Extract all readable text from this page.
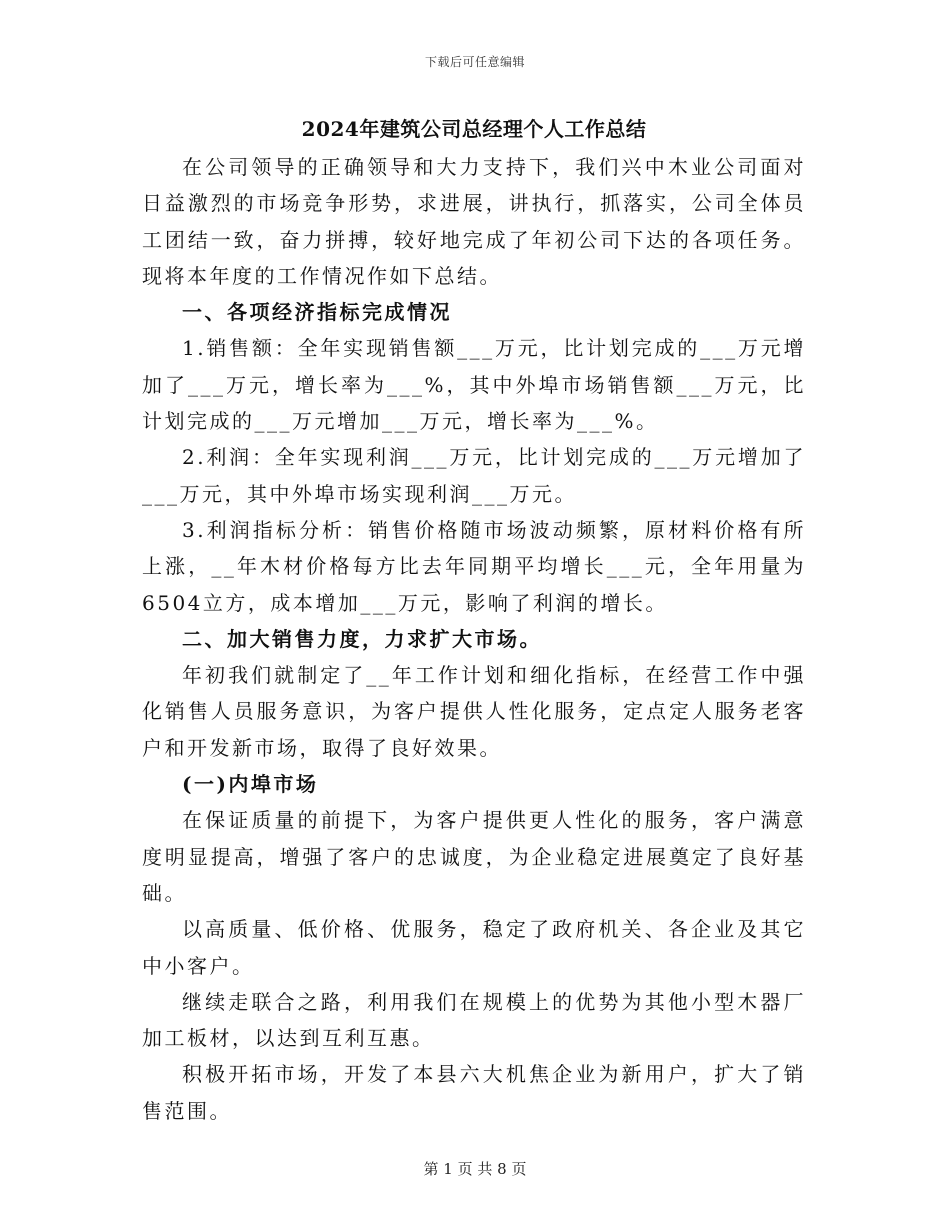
下载后可任意编辑
2024年建筑公司总经理个人工作总结

在公司领导的正确领导和大力支持下，我们兴中木业公司面对日益激烈的市场竞争形势，求进展，讲执行，抓落实，公司全体员工团结一致，奋力拼搏，较好地完成了年初公司下达的各项任务。现将本年度的工作情况作如下总结。

一、各项经济指标完成情况

1.销售额：全年实现销售额___万元，比计划完成的___万元增加了___万元，增长率为___%，其中外埠市场销售额___万元，比计划完成的___万元增加___万元，增长率为___%。

2.利润：全年实现利润___万元，比计划完成的___万元增加了___万元，其中外埠市场实现利润___万元。

3.利润指标分析：销售价格随市场波动频繁，原材料价格有所上涨，__年木材价格每方比去年同期平均增长___元，全年用量为6504立方，成本增加___万元，影响了利润的增长。

二、加大销售力度，力求扩大市场。

年初我们就制定了__年工作计划和细化指标，在经营工作中强化销售人员服务意识，为客户提供人性化服务，定点定人服务老客户和开发新市场，取得了良好效果。

(一)内埠市场

在保证质量的前提下，为客户提供更人性化的服务，客户满意度明显提高，增强了客户的忠诚度，为企业稳定进展奠定了良好基础。

以高质量、低价格、优服务，稳定了政府机关、各企业及其它中小客户。

继续走联合之路，利用我们在规模上的优势为其他小型木器厂加工板材，以达到互利互惠。

积极开拓市场，开发了本县六大机焦企业为新用户，扩大了销售范围。

第 1 页 共 8 页
